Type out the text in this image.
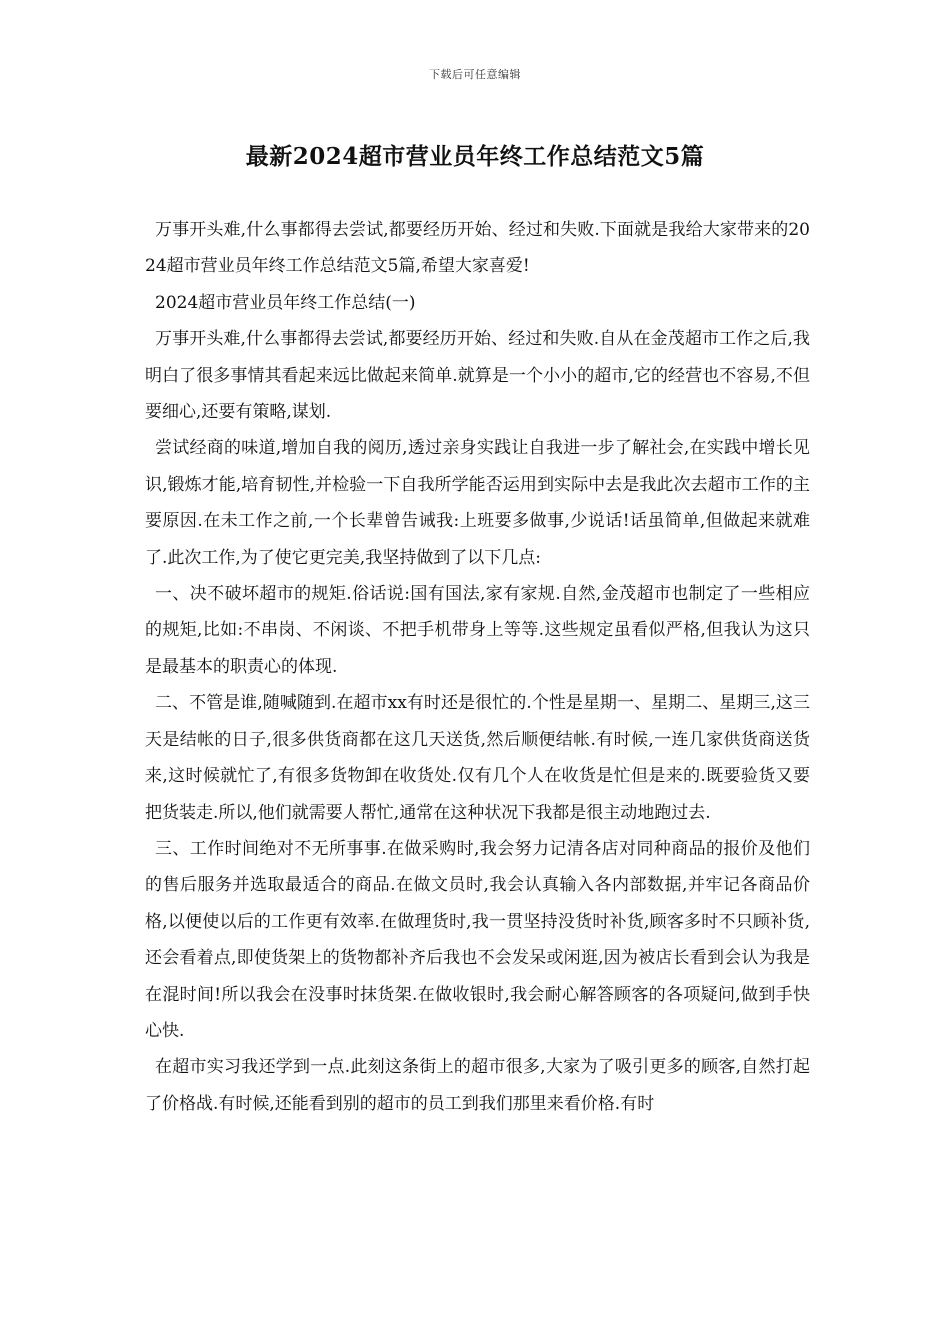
下载后可任意编辑
最新2024超市营业员年终工作总结范文5篇

万事开头难,什么事都得去尝试,都要经历开始、经过和失败.下面就是我给大家带来的2024超市营业员年终工作总结范文5篇,希望大家喜爱!

2024超市营业员年终工作总结(一)

万事开头难,什么事都得去尝试,都要经历开始、经过和失败.自从在金茂超市工作之后,我明白了很多事情其看起来远比做起来简单.就算是一个小小的超市,它的经营也不容易,不但要细心,还要有策略,谋划.

尝试经商的味道,增加自我的阅历,透过亲身实践让自我进一步了解社会,在实践中增长见识,锻炼才能,培育韧性,并检验一下自我所学能否运用到实际中去是我此次去超市工作的主要原因.在未工作之前,一个长辈曾告诫我:上班要多做事,少说话!话虽简单,但做起来就难了.此次工作,为了使它更完美,我坚持做到了以下几点:

一、决不破坏超市的规矩.俗话说:国有国法,家有家规.自然,金茂超市也制定了一些相应的规矩,比如:不串岗、不闲谈、不把手机带身上等等.这些规定虽看似严格,但我认为这只是最基本的职责心的体现.

二、不管是谁,随喊随到.在超市xx有时还是很忙的.个性是星期一、星期二、星期三,这三天是结帐的日子,很多供货商都在这几天送货,然后顺便结帐.有时候,一连几家供货商送货来,这时候就忙了,有很多货物卸在收货处.仅有几个人在收货是忙但是来的.既要验货又要把货装走.所以,他们就需要人帮忙,通常在这种状况下我都是很主动地跑过去.

三、工作时间绝对不无所事事.在做采购时,我会努力记清各店对同种商品的报价及他们的售后服务并选取最适合的商品.在做文员时,我会认真输入各内部数据,并牢记各商品价格,以便使以后的工作更有效率.在做理货时,我一贯坚持没货时补货,顾客多时不只顾补货,还会看着点,即使货架上的货物都补齐后我也不会发呆或闲逛,因为被店长看到会认为我是在混时间!所以我会在没事时抹货架.在做收银时,我会耐心解答顾客的各项疑问,做到手快心快.

在超市实习我还学到一点.此刻这条街上的超市很多,大家为了吸引更多的顾客,自然打起了价格战.有时候,还能看到别的超市的员工到我们那里来看价格.有时
